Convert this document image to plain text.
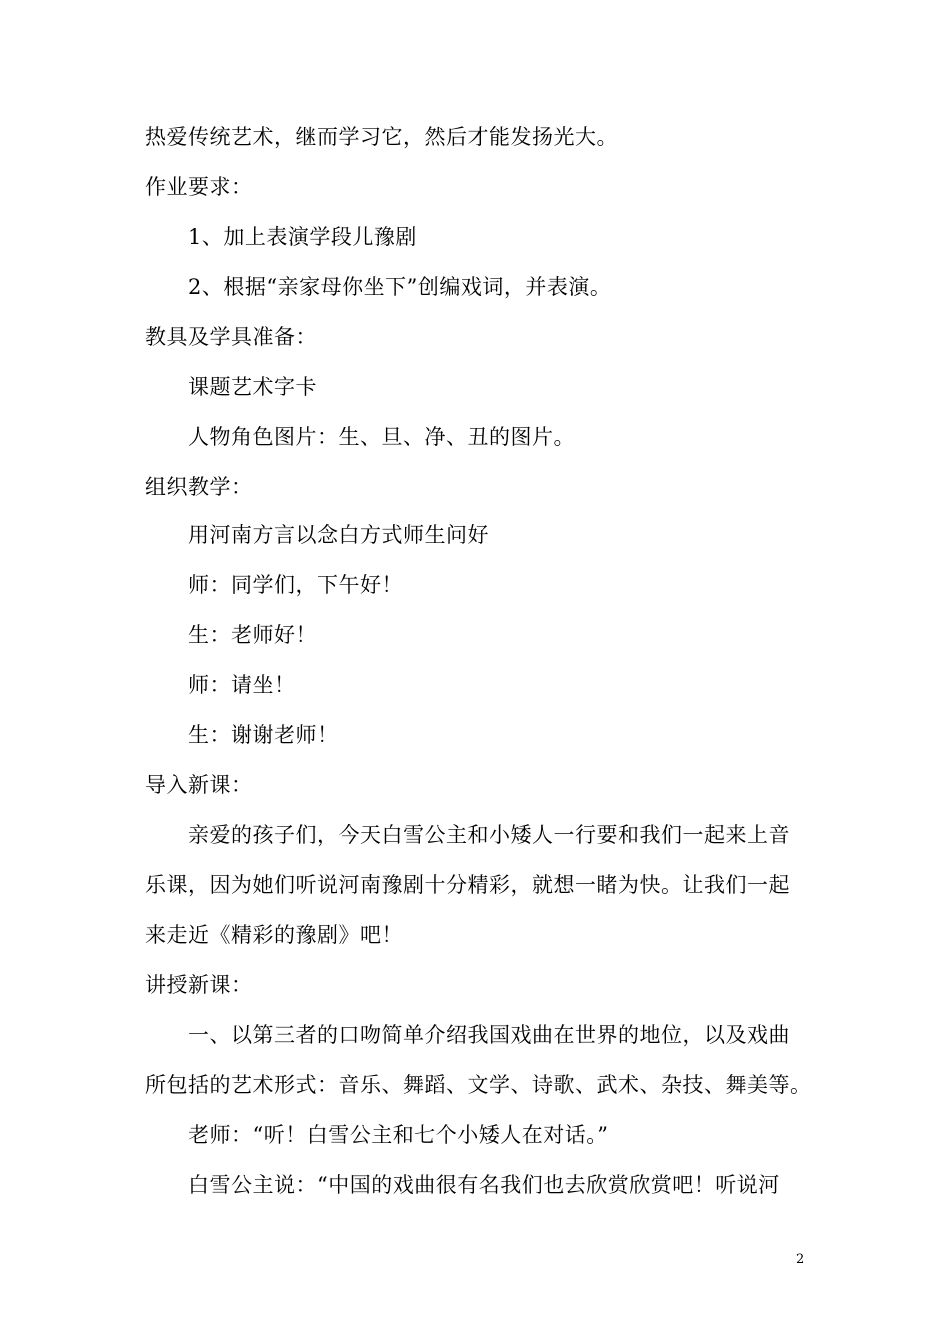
热爱传统艺术，继而学习它，然后才能发扬光大。
作业要求：
1、加上表演学段儿豫剧
2、根据“亲家母你坐下”创编戏词，并表演。
教具及学具准备：
课题艺术字卡
人物角色图片：生、旦、净、丑的图片。
组织教学：
用河南方言以念白方式师生问好
师：同学们，下午好！
生：老师好！
师：请坐！
生：谢谢老师！
导入新课：
亲爱的孩子们，今天白雪公主和小矮人一行要和我们一起来上音
乐课，因为她们听说河南豫剧十分精彩，就想一睹为快。让我们一起
来走近《精彩的豫剧》吧！
讲授新课：
一、以第三者的口吻简单介绍我国戏曲在世界的地位，以及戏曲
所包括的艺术形式：音乐、舞蹈、文学、诗歌、武术、杂技、舞美等。
老师：“听！白雪公主和七个小矮人在对话。”
白雪公主说：“中国的戏曲很有名我们也去欣赏欣赏吧！听说河
2
